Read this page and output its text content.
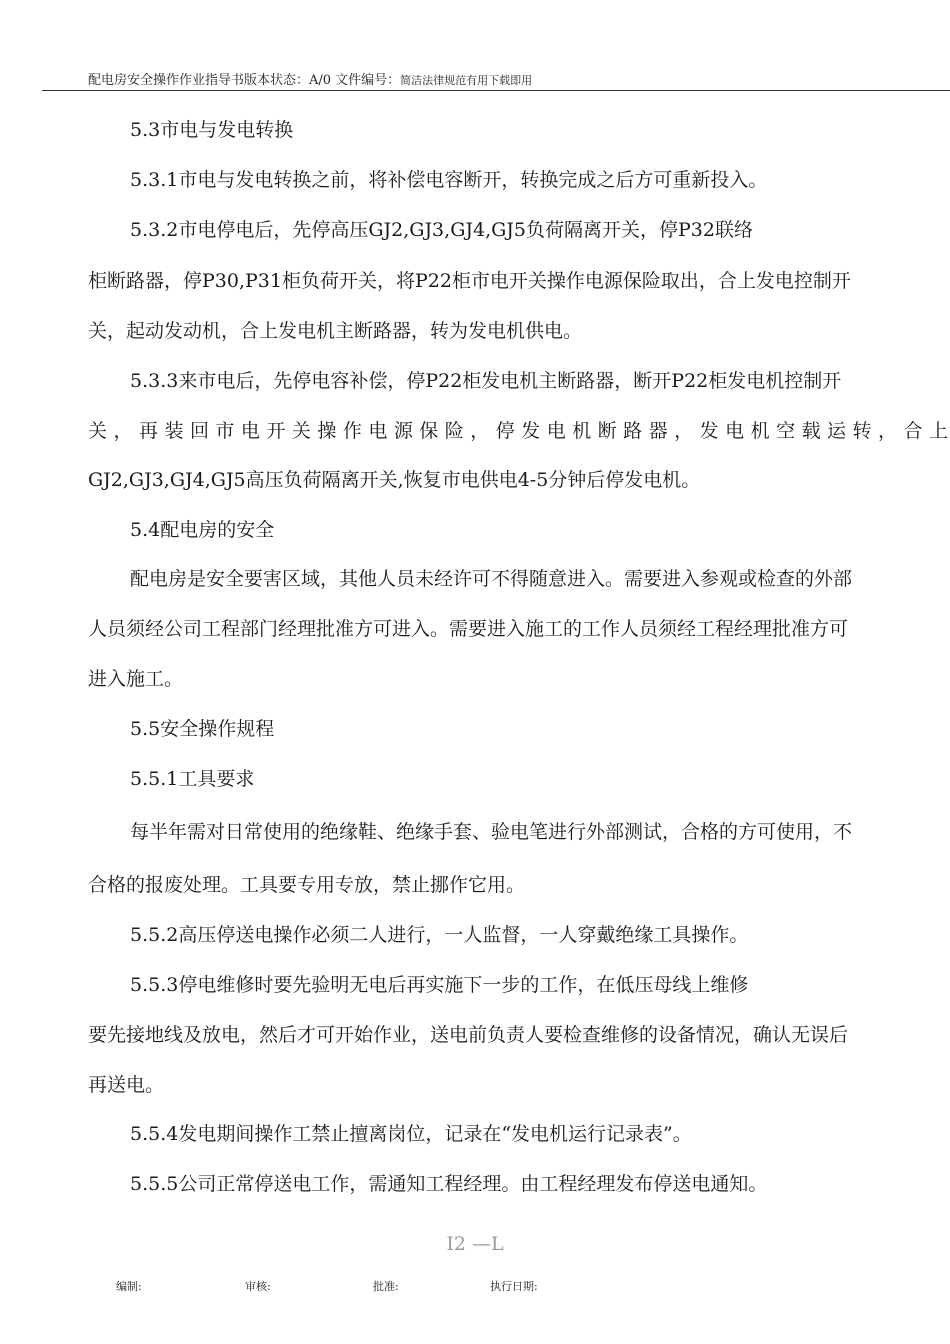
配电房安全操作作业指导书版本状态：A/0 文件编号：简洁法律规范有用下载即用
5.3市电与发电转换
5.3.1市电与发电转换之前，将补偿电容断开，转换完成之后方可重新投入。
5.3.2市电停电后，先停高压GJ2,GJ3,GJ4,GJ5负荷隔离开关，停P32联络
柜断路器，停P30,P31柜负荷开关，将P22柜市电开关操作电源保险取出，合上发电控制开
关，起动发动机，合上发电机主断路器，转为发电机供电。
5.3.3来市电后，先停电容补偿，停P22柜发电机主断路器，断开P22柜发电机控制开
关，再装回市电开关操作电源保险，停发电机断路器，发电机空载运转，合上
GJ2,GJ3,GJ4,GJ5高压负荷隔离开关,恢复市电供电4-5分钟后停发电机。
5.4配电房的安全
配电房是安全要害区域，其他人员未经许可不得随意进入。需要进入参观或检查的外部
人员须经公司工程部门经理批准方可进入。需要进入施工的工作人员须经工程经理批准方可
进入施工。
5.5安全操作规程
5.5.1工具要求
每半年需对日常使用的绝缘鞋、绝缘手套、验电笔进行外部测试，合格的方可使用，不
合格的报废处理。工具要专用专放，禁止挪作它用。
5.5.2高压停送电操作必须二人进行，一人监督，一人穿戴绝缘工具操作。
5.5.3停电维修时要先验明无电后再实施下一步的工作，在低压母线上维修
要先接地线及放电，然后才可开始作业，送电前负责人要检查维修的设备情况，确认无误后
再送电。
5.5.4发电期间操作工禁止擅离岗位，记录在“发电机运行记录表”。
5.5.5公司正常停送电工作，需通知工程经理。由工程经理发布停送电通知。
I2 —L
编制:	审核:	批准:	执行日期:
